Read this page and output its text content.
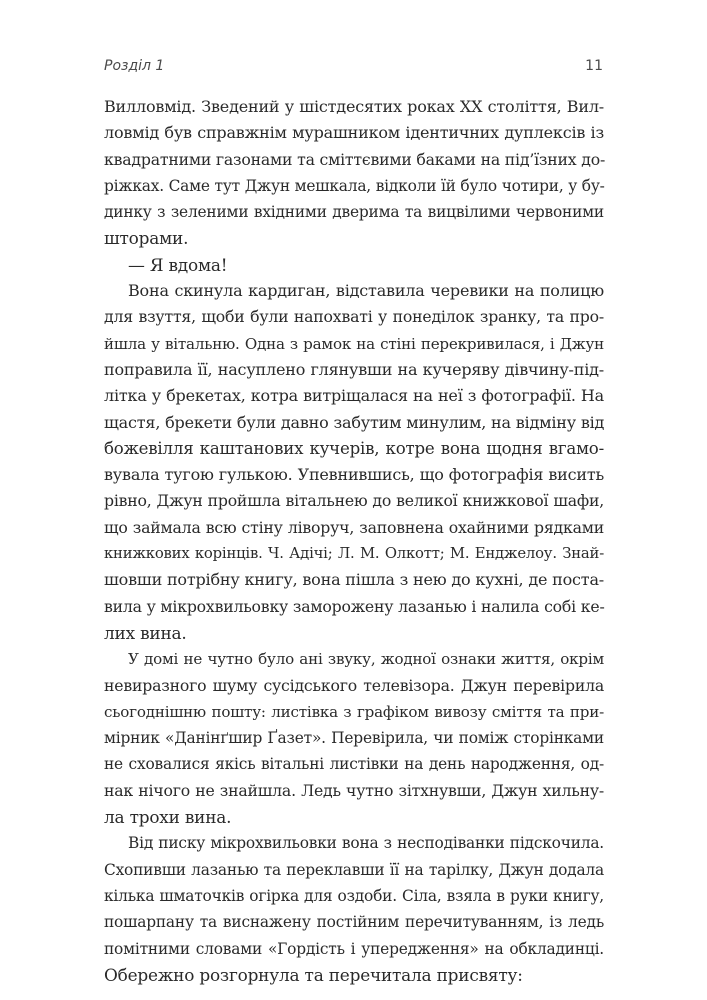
Розділ 1	11
Вилловмід. Зведений у шістдесятих роках XX століття, Вил-
ловмід був справжнім мурашником ідентичних дуплексів із
квадратними газонами та сміттєвими баками на під’їзних до-
ріжках. Саме тут Джун мешкала, відколи їй було чотири, у бу-
динку з зеленими вхідними дверима та вицвілими червоними
шторами.
— Я вдома!
Вона скинула кардиган, відставила черевики на полицю
для взуття, щоби були напохваті у понеділок зранку, та про-
йшла у вітальню. Одна з рамок на стіні перекривилася, і Джун
поправила її, насуплено глянувши на кучеряву дівчину-під-
літка у брекетах, котра витріщалася на неї з фотографії. На
щастя, брекети були давно забутим минулим, на відміну від
божевілля каштанових кучерів, котре вона щодня вгамо-
вувала тугою гулькою. Упевнившись, що фотографія висить
рівно, Джун пройшла вітальнею до великої книжкової шафи,
що займала всю стіну ліворуч, заповнена охайними рядками
книжкових корінців. Ч. Адічі; Л. М. Олкотт; М. Енджелоу. Знай-
шовши потрібну книгу, вона пішла з нею до кухні, де поста-
вила у мікрохвильовку заморожену лазанью і налила собі ке-
лих вина.
У домі не чутно було ані звуку, жодної ознаки життя, окрім
невиразного шуму сусідського телевізора. Джун перевірила
сьогоднішню пошту: листівка з графіком вивозу сміття та при-
мірник «Данінґшир Ґазет». Перевірила, чи поміж сторінками
не сховалися якісь вітальні листівки на день народження, од-
нак нічого не знайшла. Ледь чутно зітхнувши, Джун хильну-
ла трохи вина.
Від писку мікрохвильовки вона з несподіванки підскочила.
Схопивши лазанью та переклавши її на тарілку, Джун додала
кілька шматочків огірка для оздоби. Сіла, взяла в руки книгу,
пошарпану та виснажену постійним перечитуванням, із ледь
помітними словами «Гордість і упередження» на обкладинці.
Обережно розгорнула та перечитала присвяту:
